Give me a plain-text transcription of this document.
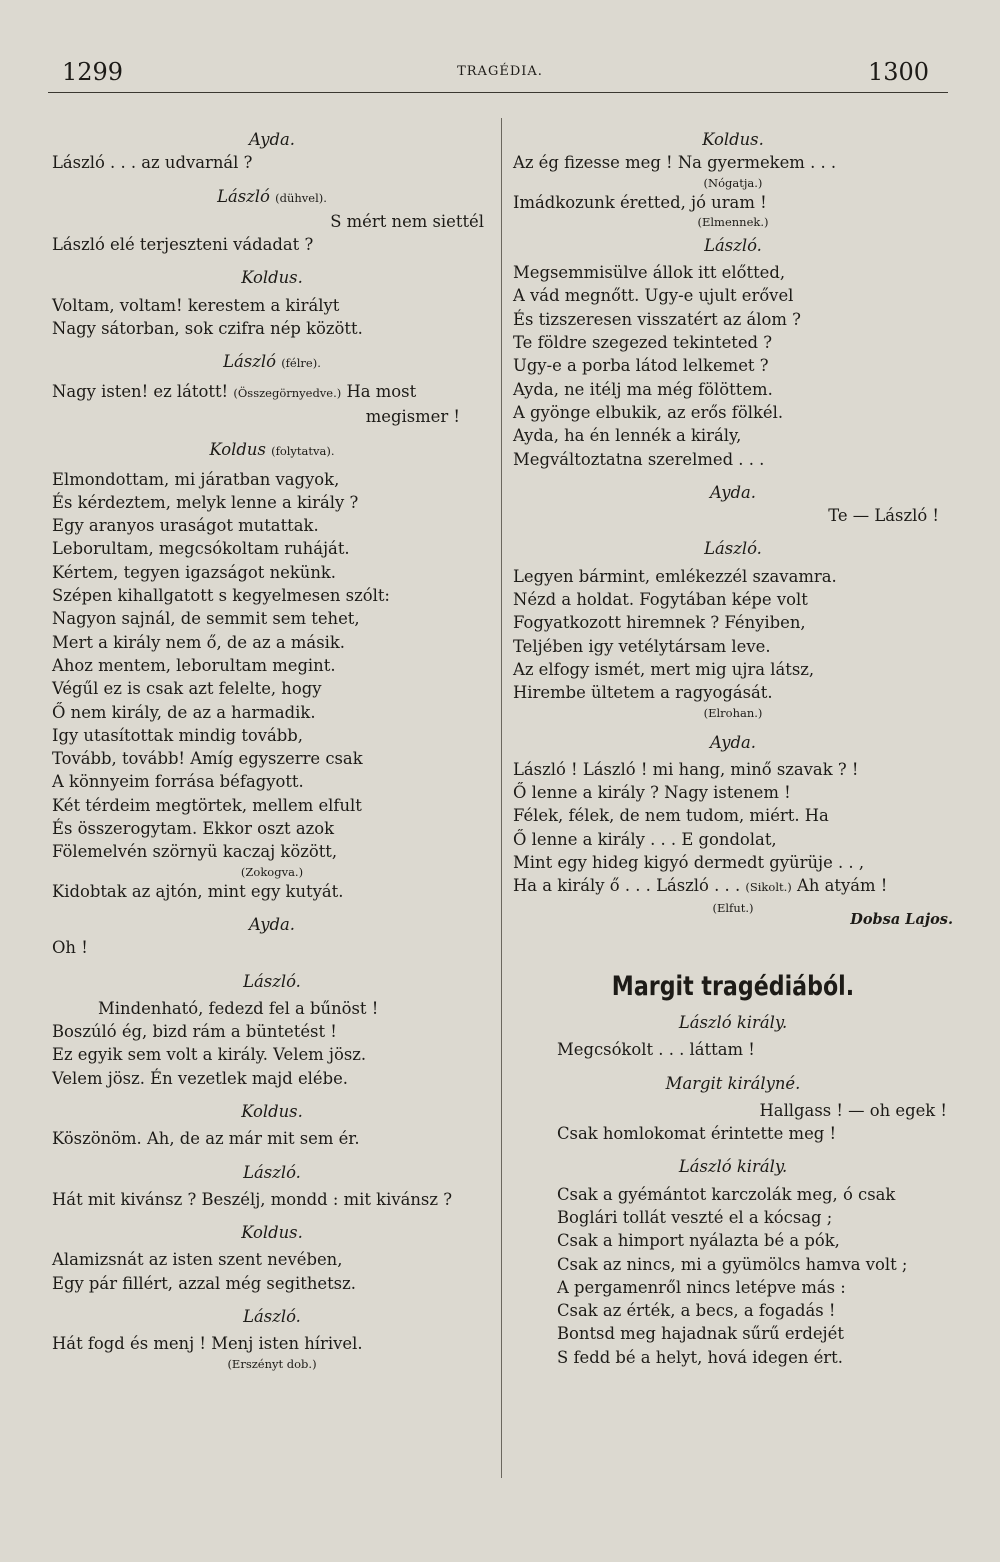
1299	TRAGÉDIA.	1300
Ayda.
László . . . az udvarnál ?
László (dühvel).
S mért nem siettél
László elé terjeszteni vádadat ?
Koldus.
Voltam, voltam! kerestem a királyt
Nagy sátorban, sok czifra nép között.
László (félre).
Nagy isten! ez látott! (Összegörnyedve.) Ha most
megismer !
Koldus (folytatva).
Elmondottam, mi járatban vagyok,
És kérdeztem, melyk lenne a király ?
Egy aranyos uraságot mutattak.
Leborultam, megcsókoltam ruháját.
Kértem, tegyen igazságot nekünk.
Szépen kihallgatott s kegyelmesen szólt:
Nagyon sajnál, de semmit sem tehet,
Mert a király nem ő, de az a másik.
Ahoz mentem, leborultam megint.
Végűl ez is csak azt felelte, hogy
Ő nem király, de az a harmadik.
Igy utasítottak mindig tovább,
Tovább, tovább! Amíg egyszerre csak
A könnyeim forrása béfagyott.
Két térdeim megtörtek, mellem elfult
És összerogytam. Ekkor oszt azok
Fölemelvén szörnyü kaczaj között,
(Zokogva.)
Kidobtak az ajtón, mint egy kutyát.
Ayda.
Oh !
László.
Mindenható, fedezd fel a bűnöst !
Boszúló ég, bizd rám a büntetést !
Ez egyik sem volt a király. Velem jösz.
Velem jösz. Én vezetlek majd elébe.
Koldus.
Köszönöm. Ah, de az már mit sem ér.
László.
Hát mit kivánsz ? Beszélj, mondd : mit kivánsz ?
Koldus.
Alamizsnát az isten szent nevében,
Egy pár fillért, azzal még segithetsz.
László.
Hát fogd és menj ! Menj isten hírivel.
(Erszényt dob.)
Koldus.
Az ég fizesse meg ! Na gyermekem . . .
(Nógatja.)
Imádkozunk éretted, jó uram !
(Elmennek.)
László.
Megsemmisülve állok itt előtted,
A vád megnőtt. Ugy-e ujult erővel
És tizszeresen visszatért az álom ?
Te földre szegezed tekinteted ?
Ugy-e a porba látod lelkemet ?
Ayda, ne itélj ma még fölöttem.
A gyönge elbukik, az erős fölkél.
Ayda, ha én lennék a király,
Megváltoztatna szerelmed . . .
Ayda.
Te — László !
László.
Legyen bármint, emlékezzél szavamra.
Nézd a holdat. Fogytában képe volt
Fogyatkozott hiremnek ? Fényiben,
Teljében igy vetélytársam leve.
Az elfogy ismét, mert mig ujra látsz,
Hirembe ültetem a ragyogását.
(Elrohan.)
Ayda.
László ! László ! mi hang, minő szavak ? !
Ő lenne a király ? Nagy istenem !
Félek, félek, de nem tudom, miért. Ha
Ő lenne a király . . . E gondolat,
Mint egy hideg kigyó dermedt gyürüje . . ,
Ha a király ő . . . László . . . (Sikolt.) Ah atyám !
(Elfut.)
Dobsa Lajos.
Margit tragédiából.
László király.
Megcsókolt . . . láttam !
Margit királyné.
Hallgass ! — oh egek !
Csak homlokomat érintette meg !
László király.
Csak a gyémántot karczolák meg, ó csak
Boglári tollát veszté el a kócsag ;
Csak a himport nyálazta bé a pók,
Csak az nincs, mi a gyümölcs hamva volt ;
A pergamenről nincs letépve más :
Csak az érték, a becs, a fogadás !
Bontsd meg hajadnak sűrű erdejét
S fedd bé a helyt, hová idegen ért.
